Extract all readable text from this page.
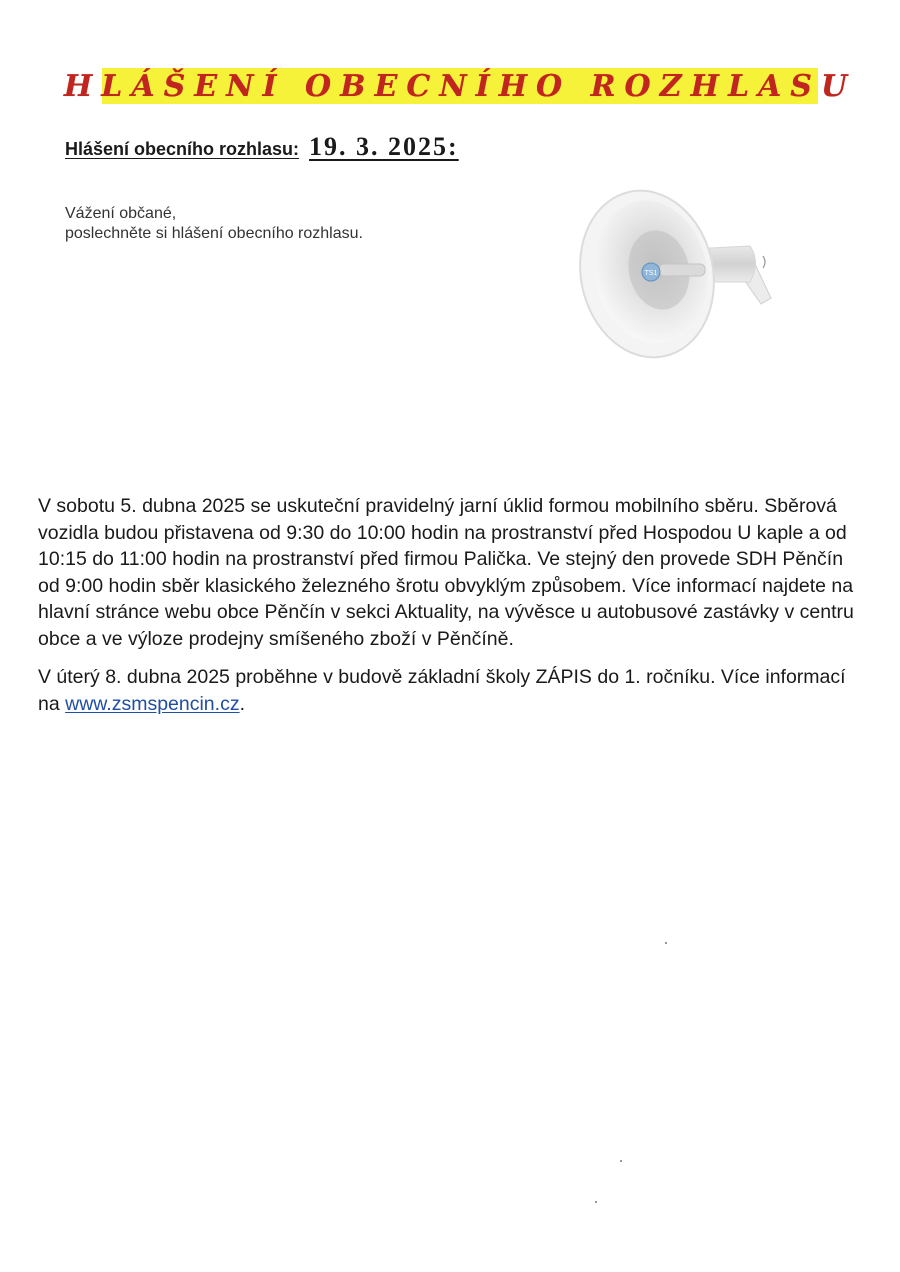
HLÁŠENÍ OBECNÍHO ROZHLASU
Hlášení obecního rozhlasu: 19. 3. 2025:
Vážení občané,
poslechněte si hlášení obecního rozhlasu.
TS1

V sobotu 5. dubna 2025 se uskuteční pravidelný jarní úklid formou mobilního sběru. Sběrová vozidla budou přistavena od 9:30 do 10:00 hodin na prostranství před Hospodou U kaple a od 10:15 do 11:00 hodin na prostranství před firmou Palička. Ve stejný den provede SDH Pěnčín od 9:00 hodin sběr klasického železného šrotu obvyklým způsobem. Více informací najdete na hlavní stránce webu obce Pěnčín v sekci Aktuality, na vývěsce u autobusové zastávky v centru obce a ve výloze prodejny smíšeného zboží v Pěnčíně.

V úterý 8. dubna 2025 proběhne v budově základní školy ZÁPIS do 1. ročníku. Více informací na www.zsmspencin.cz.
